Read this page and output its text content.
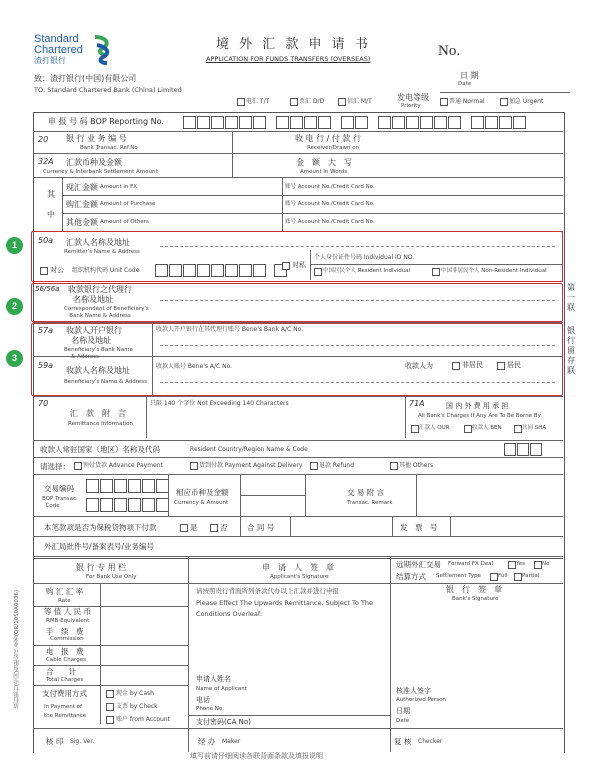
Standard
Chartered
渣打银行
境 外 汇 款 申 请 书
APPLICATION FOR FUNDS TRANSFERS (OVERSEAS)	No.
致：渣打银行(中国)有限公司
TO: Standard Chartered Bank (China) Limited
日 期
Date
电汇 T/T	票汇 D/D	信汇 M/T	发电等级
Priority
普通 Normal	加急 Urgent
申 报 号 码 BOP Reporting No.
20 银 行 业 务 编 号
Bank Transac. Ref.No
收 电 行 / 付 款 行
Receiver/Drawn on
32A 汇款币种及金额
Currency & Interbank Settlement Amount
金　额　大　写
Amount in Words
其

中
现汇金额 Amount in FX	账号 Account No./Credit Card No.
购汇金额 Amount of Purchase	账号 Account No./Credit Card No.
其他金额 Amount of Others	账号 Account No./Credit Card No.
50a 汇款人名称及地址
Remitter's Name & Address
对公 组织机构代码 Unit Code
对私
个人身份证件号码 Individual ID NO.
中国居民个人 Resident Individual	中国非居民个人 Non-Resident Individual
56/56a 收款银行之代理行
名称及地址
Correspondent of Beneficiary's
Bank Name & Address
57a 收款人开户银行
名称及地址
Beneficiary's Bank Name
& Address
收款人开户银行在其代理行账号 Bene's Bank A/C No.
59a
收款人名称及地址
Beneficiary's Name & Address
收款人账号 Bene's A/C No.	收款人为	非居民	居民
70
汇　款　附　言
Remittance Information
只限 140 个字位 Not Exceeding 140 Characters	71A	国 内 外 费 用 承 担
All Bank's Charges If Any Are To Be Borne By
汇款人 OUR	收款人 BEN	共同 SHA
收款人常驻国家（地区）名称及代码	Resident Country/Region Name & Code
请选择： 预付货款 Advance Payment	货到付款 Payment Against Delivery	退款 Refund	其他 Others
交易编码
BOP Transac.
Code
相应币种及金额
Currency & Amount
交 易 附 言
Transac. Remark
本笔款项是否为保税货物项下付款	是	否	合 同 号	发　票　号
外汇局批件号/备案表号/业务编号
银 行 专 用 栏
For Bank Use Only
申　请　人　签　章
Applicant's Signature
远期外汇交易 Forward FX Deal	Yes	No
结算方式 Settlement Type	Full	Partial
银　行　签　章
Bank's Signature
购 汇 汇 率
Rate
等 值 人 民 币
RMB Equivalent
手　续　费
Commission
电　报　费
Cable Charges
合　　计
Total Charges
支付费用方式
In Payment of
the Remittance
现金 by Cash
支票 by Check
账户 from Account
请按照贵行背面所列条款代办以上汇款并进行申报
Please Effect The Upwards Remittance, Subject To The
Conditions Overleaf:
申请人姓名
Name of Applicant
电话
Phone No.
支付密码(CA No)
核准人签字
Authorized Person
日期
Date
核 印 Sig. Ver.	经 办 Maker	复 核 Checker
填写前请仔细阅读各联背面条款及填报说明
渣打银行(中国)有限公司 业务(QR/1050A0036)
第
一
联
银
行
留
存
联
1
2
3
